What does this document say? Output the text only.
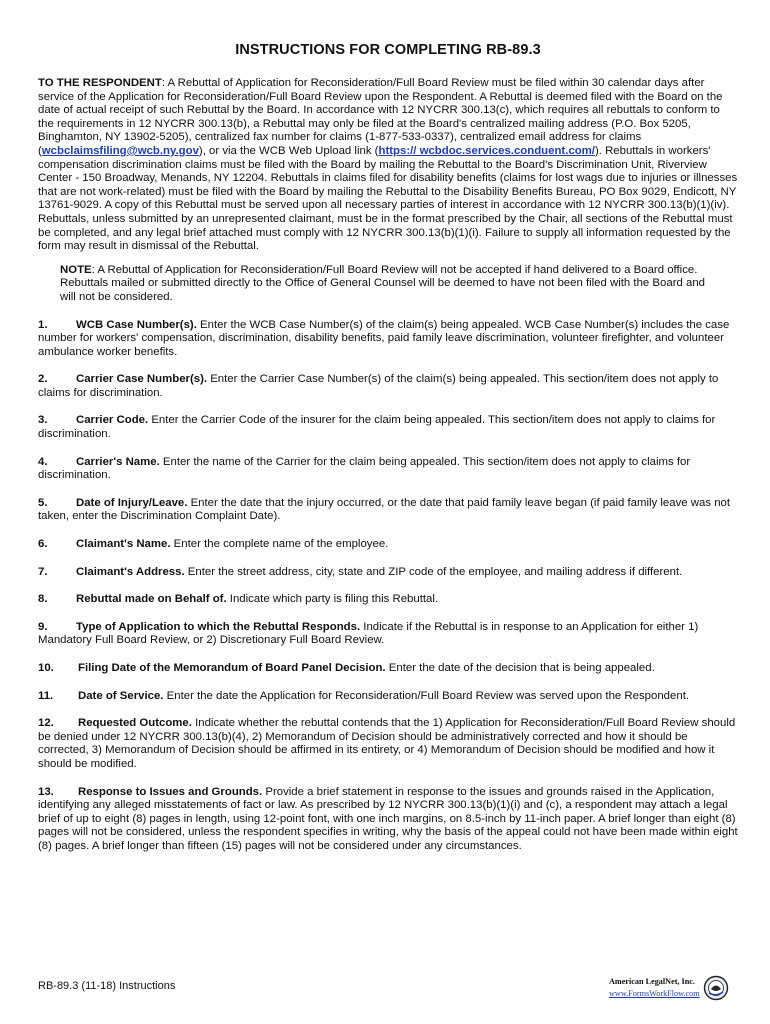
INSTRUCTIONS FOR COMPLETING RB-89.3

TO THE RESPONDENT: A Rebuttal of Application for Reconsideration/Full Board Review must be filed within 30 calendar days after service of the Application for Reconsideration/Full Board Review upon the Respondent. A Rebuttal is deemed filed with the Board on the date of actual receipt of such Rebuttal by the Board. In accordance with 12 NYCRR 300.13(c), which requires all rebuttals to conform to the requirements in 12 NYCRR 300.13(b), a Rebuttal may only be filed at the Board's centralized mailing address (P.O. Box 5205, Binghamton, NY 13902-5205), centralized fax number for claims (1-877-533-0337), centralized email address for claims (wcbclaimsfiling@wcb.ny.gov), or via the WCB Web Upload link (https:// wcbdoc.services.conduent.com/). Rebuttals in workers' compensation discrimination claims must be filed with the Board by mailing the Rebuttal to the Board's Discrimination Unit, Riverview Center - 150 Broadway, Menands, NY 12204. Rebuttals in claims filed for disability benefits (claims for lost wags due to injuries or illnesses that are not work-related) must be filed with the Board by mailing the Rebuttal to the Disability Benefits Bureau, PO Box 9029, Endicott, NY 13761-9029. A copy of this Rebuttal must be served upon all necessary parties of interest in accordance with 12 NYCRR 300.13(b)(1)(iv). Rebuttals, unless submitted by an unrepresented claimant, must be in the format prescribed by the Chair, all sections of the Rebuttal must be completed, and any legal brief attached must comply with 12 NYCRR 300.13(b)(1)(i). Failure to supply all information requested by the form may result in dismissal of the Rebuttal.

NOTE: A Rebuttal of Application for Reconsideration/Full Board Review will not be accepted if hand delivered to a Board office. Rebuttals mailed or submitted directly to the Office of General Counsel will be deemed to have not been filed with the Board and will not be considered.

1.	WCB Case Number(s). Enter the WCB Case Number(s) of the claim(s) being appealed. WCB Case Number(s) includes the case number for workers' compensation, discrimination, disability benefits, paid family leave discrimination, volunteer firefighter, and volunteer ambulance worker benefits.

2.	Carrier Case Number(s). Enter the Carrier Case Number(s) of the claim(s) being appealed. This section/item does not apply to claims for discrimination.

3.	Carrier Code. Enter the Carrier Code of the insurer for the claim being appealed. This section/item does not apply to claims for discrimination.

4.	Carrier's Name. Enter the name of the Carrier for the claim being appealed. This section/item does not apply to claims for discrimination.

5.	Date of Injury/Leave. Enter the date that the injury occurred, or the date that paid family leave began (if paid family leave was not taken, enter the Discrimination Complaint Date).

6.	Claimant's Name. Enter the complete name of the employee.

7.	Claimant's Address. Enter the street address, city, state and ZIP code of the employee, and mailing address if different.

8.	Rebuttal made on Behalf of. Indicate which party is filing this Rebuttal.

9.	Type of Application to which the Rebuttal Responds. Indicate if the Rebuttal is in response to an Application for either 1) Mandatory Full Board Review, or 2) Discretionary Full Board Review.

10. Filing Date of the Memorandum of Board Panel Decision. Enter the date of the decision that is being appealed.

11. Date of Service. Enter the date the Application for Reconsideration/Full Board Review was served upon the Respondent.

12. Requested Outcome. Indicate whether the rebuttal contends that the 1) Application for Reconsideration/Full Board Review should be denied under 12 NYCRR 300.13(b)(4), 2) Memorandum of Decision should be administratively corrected and how it should be corrected, 3) Memorandum of Decision should be affirmed in its entirety, or 4) Memorandum of Decision should be modified and how it should be modified.

13. Response to Issues and Grounds. Provide a brief statement in response to the issues and grounds raised in the Application, identifying any alleged misstatements of fact or law. As prescribed by 12 NYCRR 300.13(b)(1)(i) and (c), a respondent may attach a legal brief of up to eight (8) pages in length, using 12-point font, with one inch margins, on 8.5-inch by 11-inch paper. A brief longer than eight (8) pages will not be considered, unless the respondent specifies in writing, why the basis of the appeal could not have been made within eight (8) pages. A brief longer than fifteen (15) pages will not be considered under any circumstances.

RB-89.3 (11-18) Instructions	American LegalNet, Inc.
www.FormsWorkFlow.com
